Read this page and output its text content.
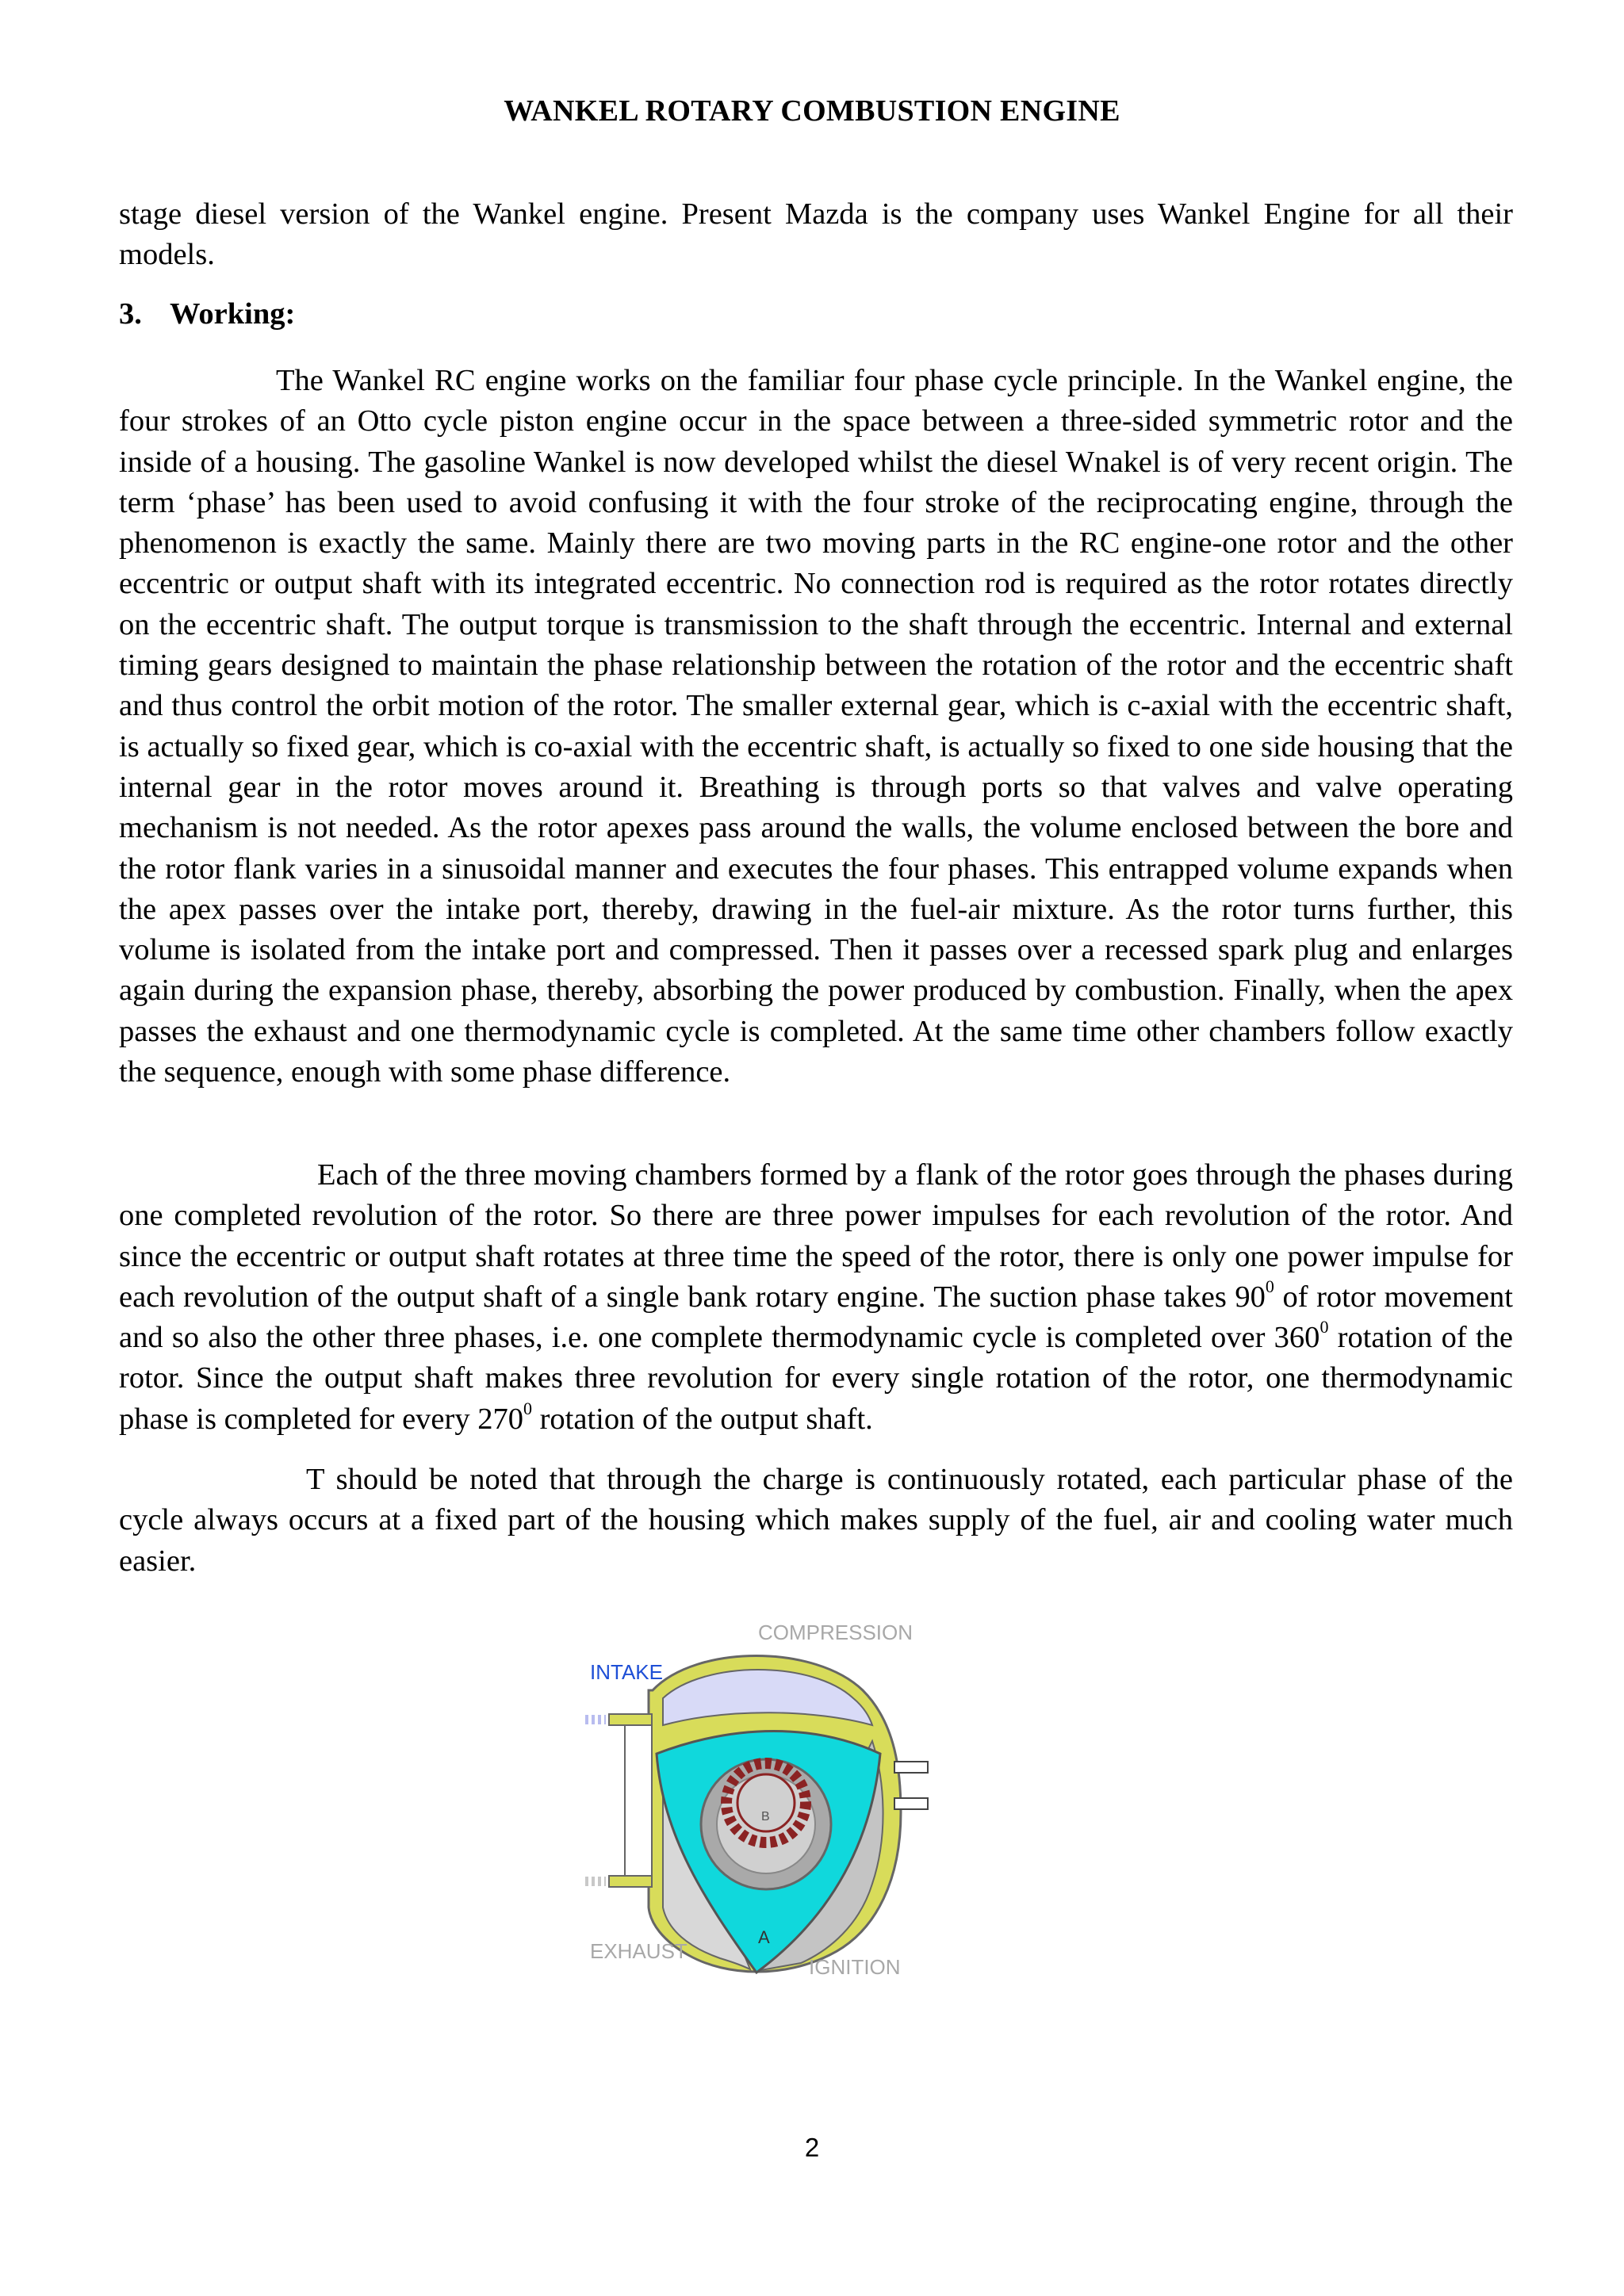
WANKEL ROTARY COMBUSTION ENGINE

stage diesel version of the Wankel engine. Present Mazda is the company uses Wankel Engine for all their models.

3. Working:

The Wankel RC engine works on the familiar four phase cycle principle. In the Wankel engine, the four strokes of an Otto cycle piston engine occur in the space between a three-sided symmetric rotor and the inside of a housing. The gasoline Wankel is now developed whilst the diesel Wnakel is of very recent origin. The term ‘phase’ has been used to avoid confusing it with the four stroke of the reciprocating engine, through the phenomenon is exactly the same. Mainly there are two moving parts in the RC engine-one rotor and the other eccentric or output shaft with its integrated eccentric. No connection rod is required as the rotor rotates directly on the eccentric shaft. The output torque is transmission to the shaft through the eccentric. Internal and external timing gears designed to maintain the phase relationship between the rotation of the rotor and the eccentric shaft and thus control the orbit motion of the rotor. The smaller external gear, which is c-axial with the eccentric shaft, is actually so fixed gear, which is co-axial with the eccentric shaft, is actually so fixed to one side housing that the internal gear in the rotor moves around it. Breathing is through ports so that valves and valve operating mechanism is not needed. As the rotor apexes pass around the walls, the volume enclosed between the bore and the rotor flank varies in a sinusoidal manner and executes the four phases. This entrapped volume expands when the apex passes over the intake port, thereby, drawing in the fuel-air mixture. As the rotor turns further, this volume is isolated from the intake port and compressed. Then it passes over a recessed spark plug and enlarges again during the expansion phase, thereby, absorbing the power produced by combustion. Finally, when the apex passes the exhaust and one thermodynamic cycle is completed. At the same time other chambers follow exactly the sequence, enough with some phase difference.

Each of the three moving chambers formed by a flank of the rotor goes through the phases during one completed revolution of the rotor. So there are three power impulses for each revolution of the rotor. And since the eccentric or output shaft rotates at three time the speed of the rotor, there is only one power impulse for each revolution of the output shaft of a single bank rotary engine. The suction phase takes $90^0$ of rotor movement and so also the other three phases, i.e. one complete thermodynamic cycle is completed over $360^0$ rotation of the rotor. Since the output shaft makes three revolution for every single rotation of the rotor, one thermodynamic phase is completed for every $270^0$ rotation of the output shaft.

T should be noted that through the charge is continuously rotated, each particular phase of the cycle always occurs at a fixed part of the housing which makes supply of the fuel, air and cooling water much easier.

A
B
INTAKE
COMPRESSION
EXHAUST
IGNITION
2
